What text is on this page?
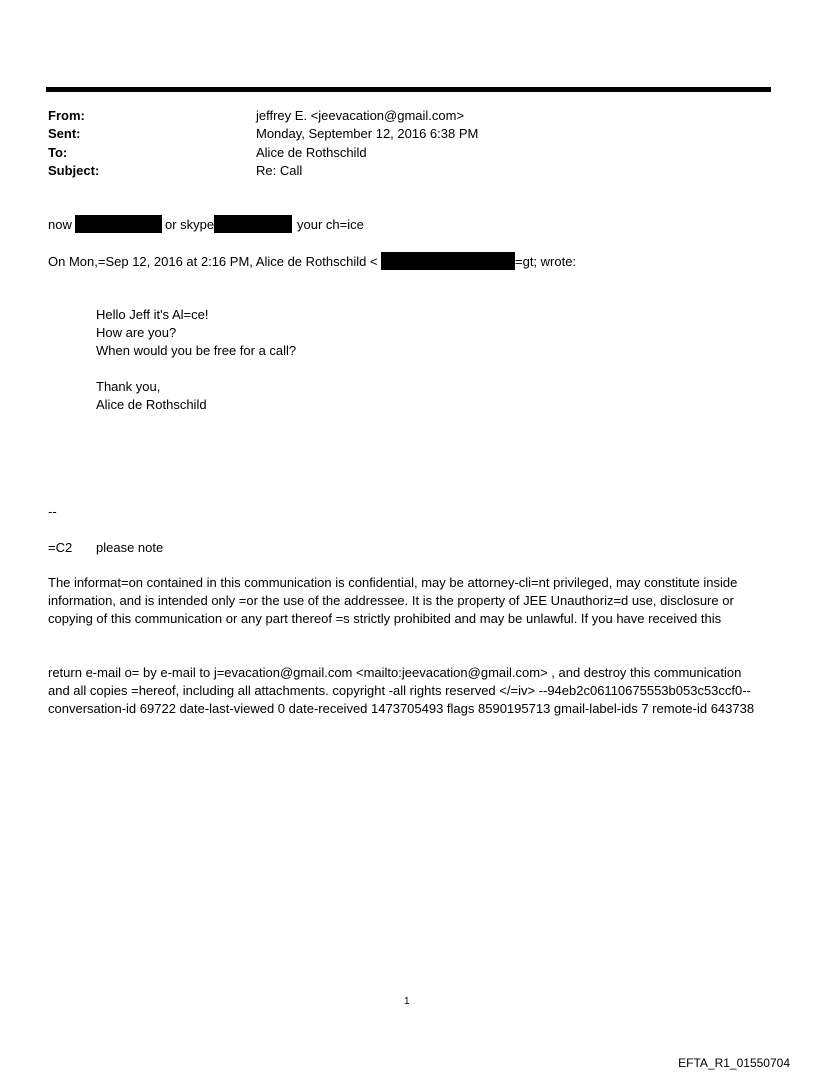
From:	jeffrey E. <jeevacation@gmail.com>
Sent:	Monday, September 12, 2016 6:38 PM
To:	Alice de Rothschild
Subject:	Re: Call
now	or skype	your ch=ice
On Mon,=Sep 12, 2016 at 2:16 PM, Alice de Rothschild <	=gt; wrote:
Hello Jeff it's Al=ce!
How are you?
When would you be free for a call?
Thank you,
Alice de Rothschild
--
=C2 please note
The informat=on contained in this communication is confidential, may be attorney-cli=nt privileged, may constitute inside information, and is intended only =or the use of the addressee. It is the property of JEE Unauthoriz=d use, disclosure or copying of this communication or any part thereof =s strictly prohibited and may be unlawful. If you have received this
return e-mail o= by e-mail to j=evacation@gmail.com <mailto:jeevacation@gmail.com> , and destroy this communication and all copies =hereof, including all attachments. copyright -all rights reserved </=iv> --94eb2c06110675553b053c53ccf0-- conversation-id 69722 date-last-viewed 0 date-received 1473705493 flags 8590195713 gmail-label-ids 7 remote-id 643738
1
EFTA_R1_01550704
